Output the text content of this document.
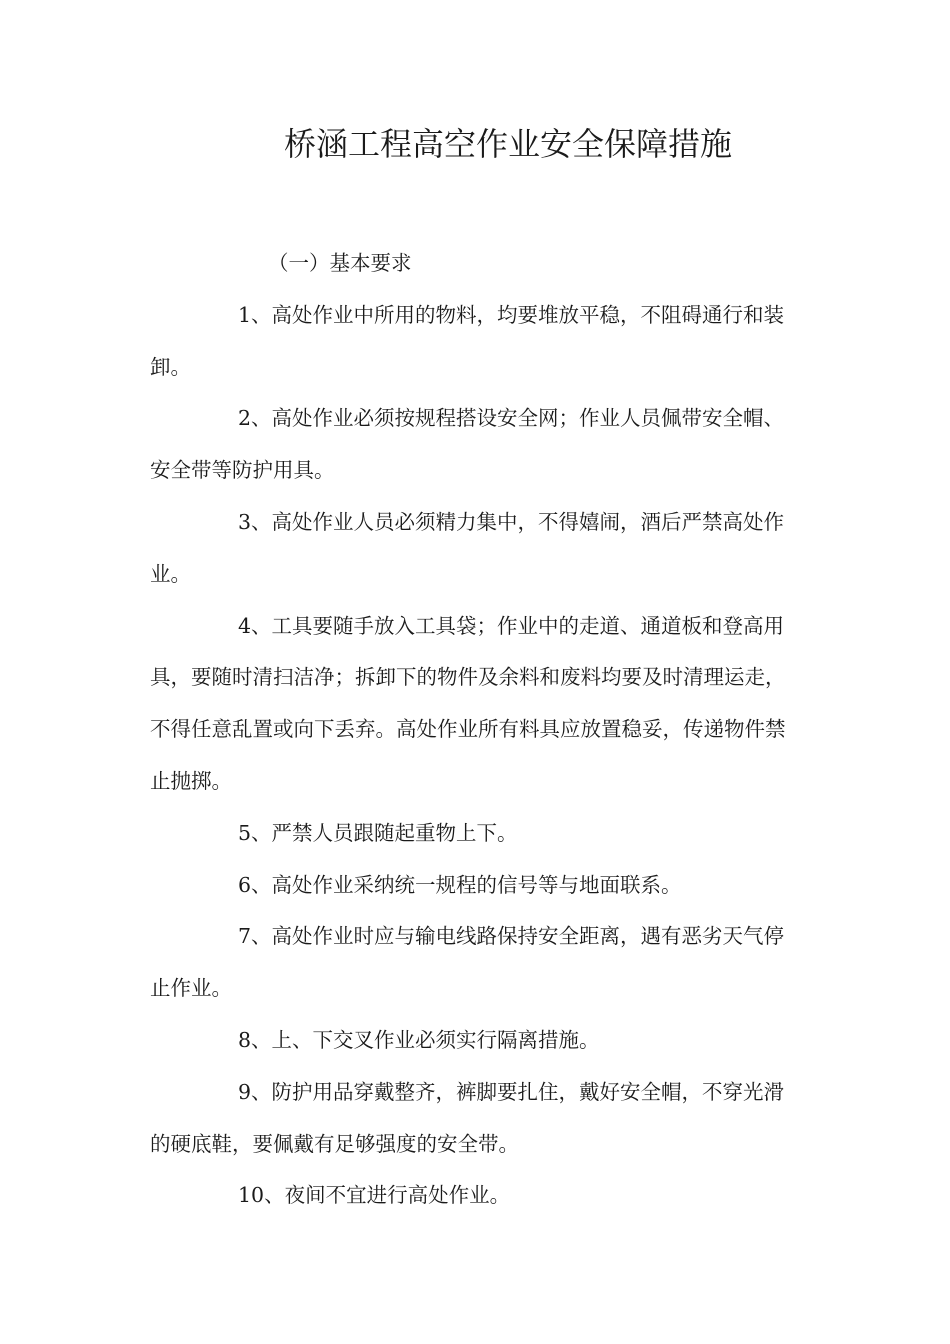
桥涵工程高空作业安全保障措施

（一）基本要求

1、高处作业中所用的物料，均要堆放平稳，不阻碍通行和装卸。

2、高处作业必须按规程搭设安全网；作业人员佩带安全帽、安全带等防护用具。

3、高处作业人员必须精力集中，不得嬉闹，酒后严禁高处作业。

4、工具要随手放入工具袋；作业中的走道、通道板和登高用具，要随时清扫洁净；拆卸下的物件及余料和废料均要及时清理运走，不得任意乱置或向下丢弃。高处作业所有料具应放置稳妥，传递物件禁止抛掷。

5、严禁人员跟随起重物上下。

6、高处作业采纳统一规程的信号等与地面联系。

7、高处作业时应与输电线路保持安全距离，遇有恶劣天气停止作业。

8、上、下交叉作业必须实行隔离措施。

9、防护用品穿戴整齐，裤脚要扎住，戴好安全帽，不穿光滑的硬底鞋，要佩戴有足够强度的安全带。

10、夜间不宜进行高处作业。
